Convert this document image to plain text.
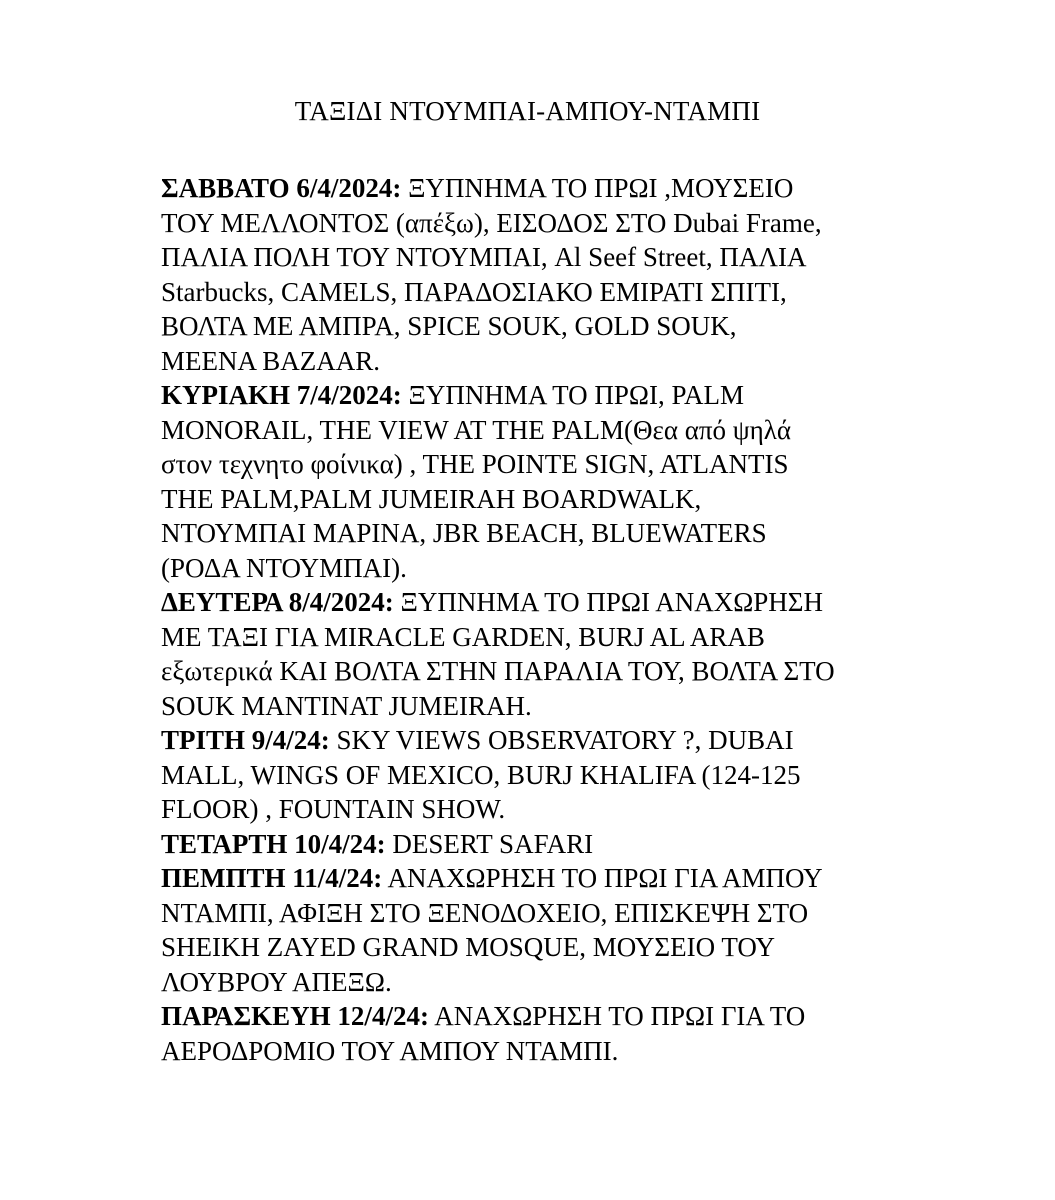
ΤΑΞΙΔΙ ΝΤΟΥΜΠΑΙ-ΑΜΠΟΥ-ΝΤΑΜΠΙ
ΣΑΒΒΑΤΟ 6/4/2024: ΞΥΠΝΗΜΑ ΤΟ ΠΡΩΙ ,ΜΟΥΣΕΙΟ
ΤΟΥ ΜΕΛΛΟΝΤΟΣ (απέξω), ΕΙΣΟΔΟΣ ΣΤΟ Dubai Frame,
ΠΑΛΙΑ ΠΟΛΗ ΤΟΥ ΝΤΟΥΜΠΑΙ, Al Seef Street, ΠΑΛΙΑ
Starbucks, CAMELS, ΠΑΡΑΔΟΣΙΑΚΟ ΕΜΙΡΑΤΙ ΣΠΙΤΙ,
ΒΟΛΤΑ ΜΕ ΑΜΠΡΑ, SPICE SOUK, GOLD SOUK,
MEENA BAZAAR.
ΚΥΡΙΑΚΗ 7/4/2024: ΞΥΠΝΗΜΑ ΤΟ ΠΡΩΙ, PALM
MONORAIL, THE VIEW AT THE PALM(Θεα από ψηλά
στον τεχνητο φοίνικα) , THE POINTE SIGN, ATLANTIS
THE PALM,PALM JUMEIRAH BOARDWALK,
ΝΤΟΥΜΠΑΙ ΜΑΡΙΝΑ, JBR BEACH, BLUEWATERS
(ΡΟΔΑ ΝΤΟΥΜΠΑΙ).
ΔΕΥΤΕΡΑ 8/4/2024: ΞΥΠΝΗΜΑ ΤΟ ΠΡΩΙ ΑΝΑΧΩΡΗΣΗ
ΜΕ ΤΑΞΙ ΓΙΑ MIRACLE GARDEN, BURJ AL ARAB
εξωτερικά ΚΑΙ ΒΟΛΤΑ ΣΤΗΝ ΠΑΡΑΛΙΑ ΤΟΥ, ΒΟΛΤΑ ΣΤΟ
SOUK MANTINAT JUMEIRAH.
ΤΡΙΤΗ 9/4/24: SKY VIEWS OBSERVATORY ?, DUBAI
MALL, WINGS OF MEXICO, BURJ KHALIFA (124-125
FLOOR) , FOUNTAIN SHOW.
ΤΕΤΑΡΤΗ 10/4/24: DESERT SAFARI
ΠΕΜΠΤΗ 11/4/24: ΑΝΑΧΩΡΗΣΗ ΤΟ ΠΡΩΙ ΓΙΑ ΑΜΠΟΥ
ΝΤΑΜΠΙ, ΑΦΙΞΗ ΣΤΟ ΞΕΝΟΔΟΧΕΙΟ, ΕΠΙΣΚΕΨΗ ΣΤΟ
SHEIKH ZAYED GRAND MOSQUE, ΜΟΥΣΕΙΟ ΤΟΥ
ΛΟΥΒΡΟΥ ΑΠΕΞΩ.
ΠΑΡΑΣΚΕΥΗ 12/4/24: ΑΝΑΧΩΡΗΣΗ ΤΟ ΠΡΩΙ ΓΙΑ ΤΟ
ΑΕΡΟΔΡΟΜΙΟ ΤΟΥ ΑΜΠΟΥ ΝΤΑΜΠΙ.
